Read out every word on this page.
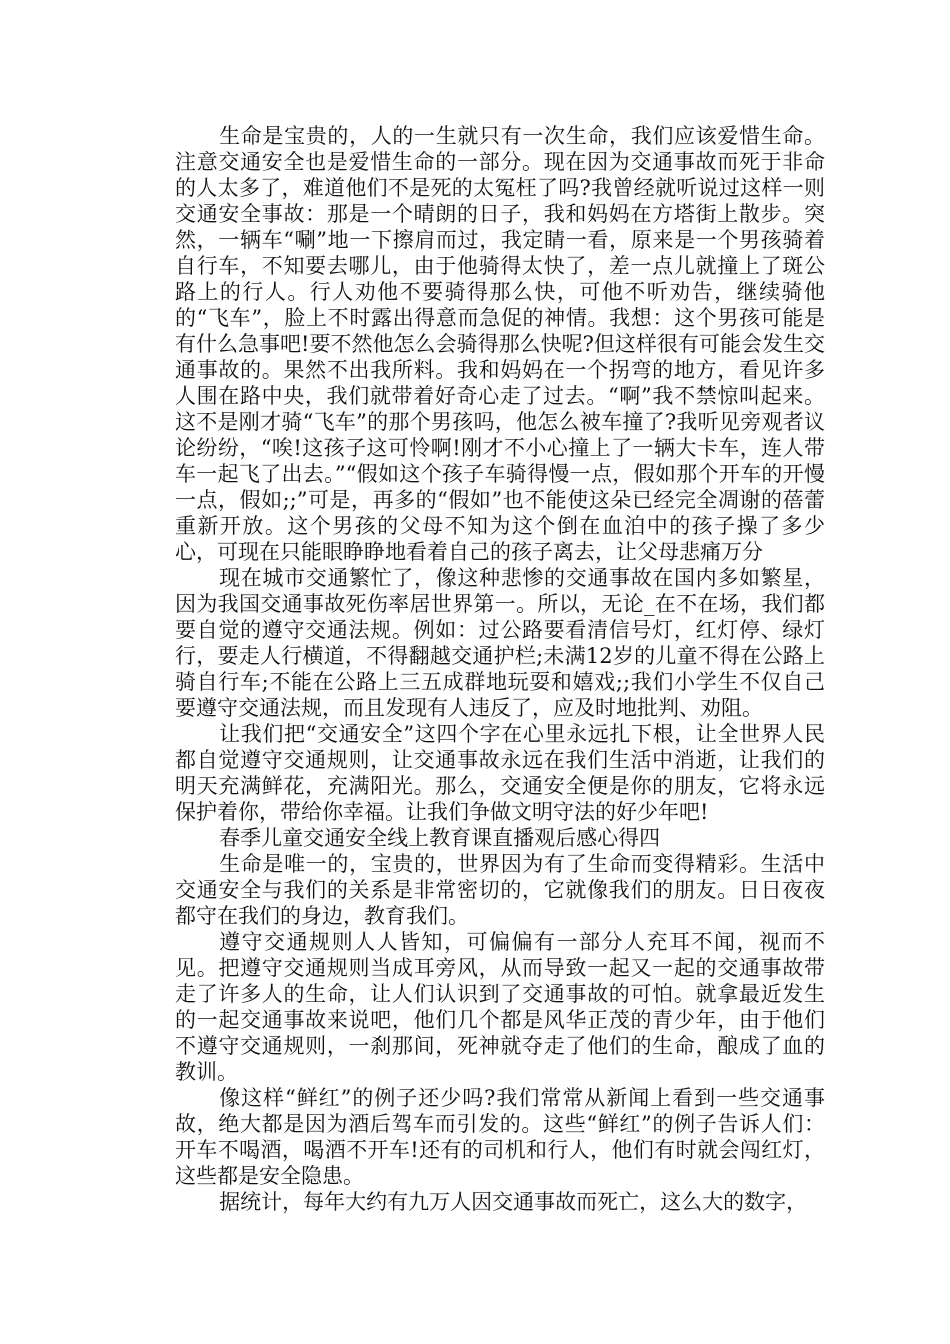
生命是宝贵的，人的一生就只有一次生命，我们应该爱惜生命。注意交通安全也是爱惜生命的一部分。现在因为交通事故而死于非命的人太多了，难道他们不是死的太冤枉了吗?我曾经就听说过这样一则交通安全事故：那是一个晴朗的日子，我和妈妈在方塔街上散步。突然，一辆车“唰”地一下擦肩而过，我定睛一看，原来是一个男孩骑着自行车，不知要去哪儿，由于他骑得太快了，差一点儿就撞上了斑公路上的行人。行人劝他不要骑得那么快，可他不听劝告，继续骑他的“飞车”，脸上不时露出得意而急促的神情。我想：这个男孩可能是有什么急事吧!要不然他怎么会骑得那么快呢?但这样很有可能会发生交通事故的。果然不出我所料。我和妈妈在一个拐弯的地方，看见许多人围在路中央，我们就带着好奇心走了过去。“啊”我不禁惊叫起来。这不是刚才骑“飞车”的那个男孩吗，他怎么被车撞了?我听见旁观者议论纷纷，“唉!这孩子这可怜啊!刚才不小心撞上了一辆大卡车，连人带车一起飞了出去。”“假如这个孩子车骑得慢一点，假如那个开车的开慢一点，假如;;”可是，再多的“假如”也不能使这朵已经完全凋谢的蓓蕾重新开放。这个男孩的父母不知为这个倒在血泊中的孩子操了多少心，可现在只能眼睁睁地看着自己的孩子离去，让父母悲痛万分

现在城市交通繁忙了，像这种悲惨的交通事故在国内多如繁星，因为我国交通事故死伤率居世界第一。所以，无论_在不在场，我们都要自觉的遵守交通法规。例如：过公路要看清信号灯，红灯停、绿灯行，要走人行横道，不得翻越交通护栏;未满12岁的儿童不得在公路上骑自行车;不能在公路上三五成群地玩耍和嬉戏;;我们小学生不仅自己要遵守交通法规，而且发现有人违反了，应及时地批判、劝阻。

让我们把“交通安全”这四个字在心里永远扎下根，让全世界人民都自觉遵守交通规则，让交通事故永远在我们生活中消逝，让我们的明天充满鲜花，充满阳光。那么，交通安全便是你的朋友，它将永远保护着你，带给你幸福。让我们争做文明守法的好少年吧!

春季儿童交通安全线上教育课直播观后感心得四

生命是唯一的，宝贵的，世界因为有了生命而变得精彩。生活中交通安全与我们的关系是非常密切的，它就像我们的朋友。日日夜夜都守在我们的身边，教育我们。

遵守交通规则人人皆知，可偏偏有一部分人充耳不闻，视而不见。把遵守交通规则当成耳旁风，从而导致一起又一起的交通事故带走了许多人的生命，让人们认识到了交通事故的可怕。就拿最近发生的一起交通事故来说吧，他们几个都是风华正茂的青少年，由于他们不遵守交通规则，一刹那间，死神就夺走了他们的生命，酿成了血的教训。

像这样“鲜红”的例子还少吗?我们常常从新闻上看到一些交通事故，绝大都是因为酒后驾车而引发的。这些“鲜红”的例子告诉人们：开车不喝酒，喝酒不开车!还有的司机和行人，他们有时就会闯红灯，这些都是安全隐患。

据统计，每年大约有九万人因交通事故而死亡，这么大的数字，
